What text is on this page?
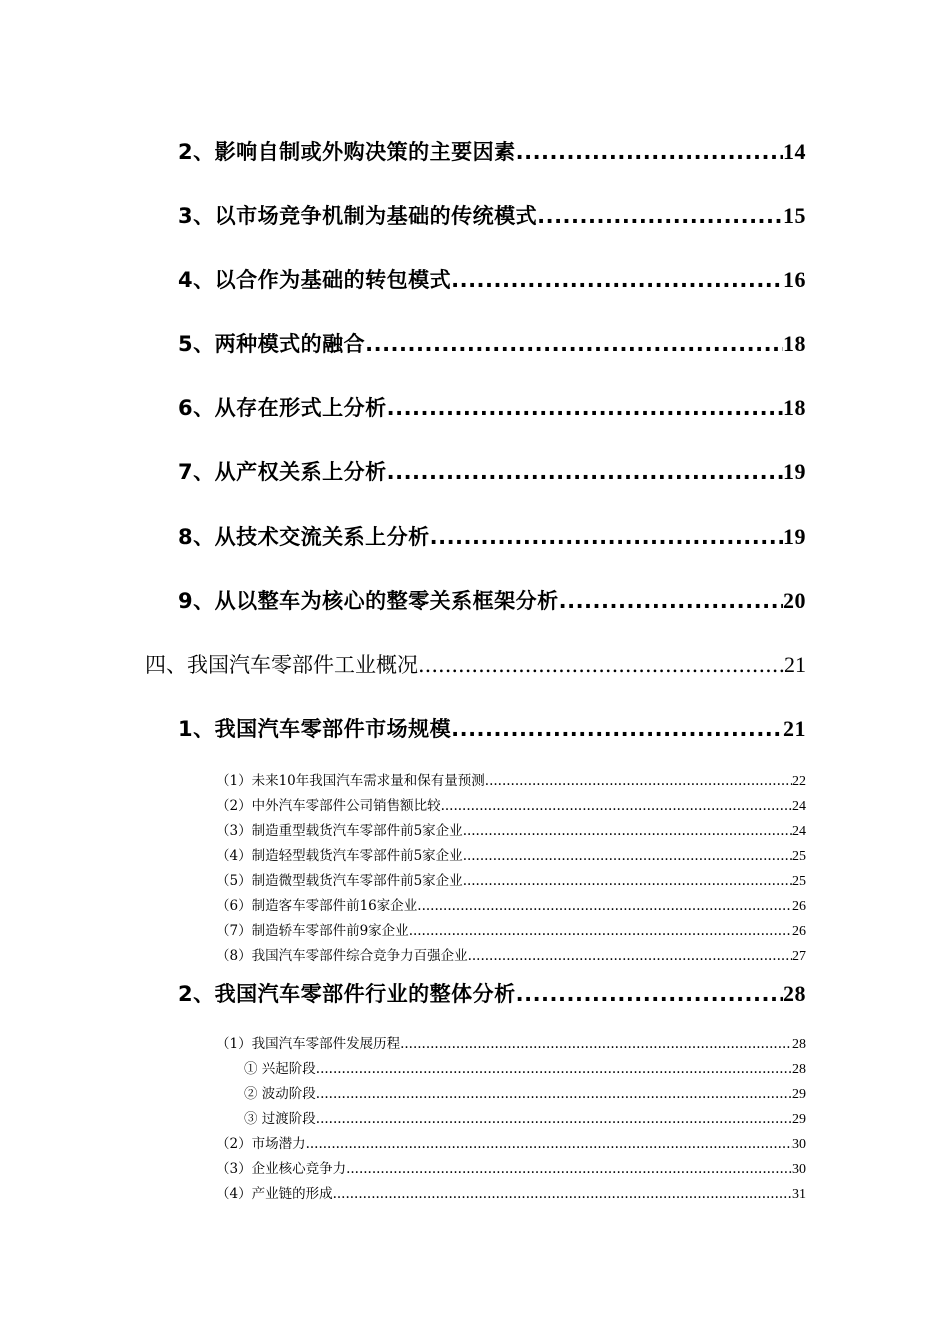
2、影响自制或外购决策的主要因素 .....	14
3、以市场竞争机制为基础的传统模式 .....	15
4、以合作为基础的转包模式 .....	16
5、两种模式的融合 .....	18
6、从存在形式上分析 .....	18
7、从产权关系上分析 .....	19
8、从技术交流关系上分析 .....	19
9、从以整车为核心的整零关系框架分析 .....	20
四、我国汽车零部件工业概况 .....	21
1、我国汽车零部件市场规模 .....	21
（1）未来10年我国汽车需求量和保有量预测 .....	22
（2）中外汽车零部件公司销售额比较 .....	24
（3）制造重型载货汽车零部件前5家企业 .....	24
（4）制造轻型载货汽车零部件前5家企业 .....	25
（5）制造微型载货汽车零部件前5家企业 .....	25
（6）制造客车零部件前16家企业 .....	26
（7）制造轿车零部件前9家企业 .....	26
（8）我国汽车零部件综合竞争力百强企业 .....	27
2、我国汽车零部件行业的整体分析 .....	28
（1）我国汽车零部件发展历程 .....	28
① 兴起阶段 .....	28
② 波动阶段 .....	29
③ 过渡阶段 .....	29
（2）市场潜力 .....	30
（3）企业核心竞争力 .....	30
（4）产业链的形成 .....	31
